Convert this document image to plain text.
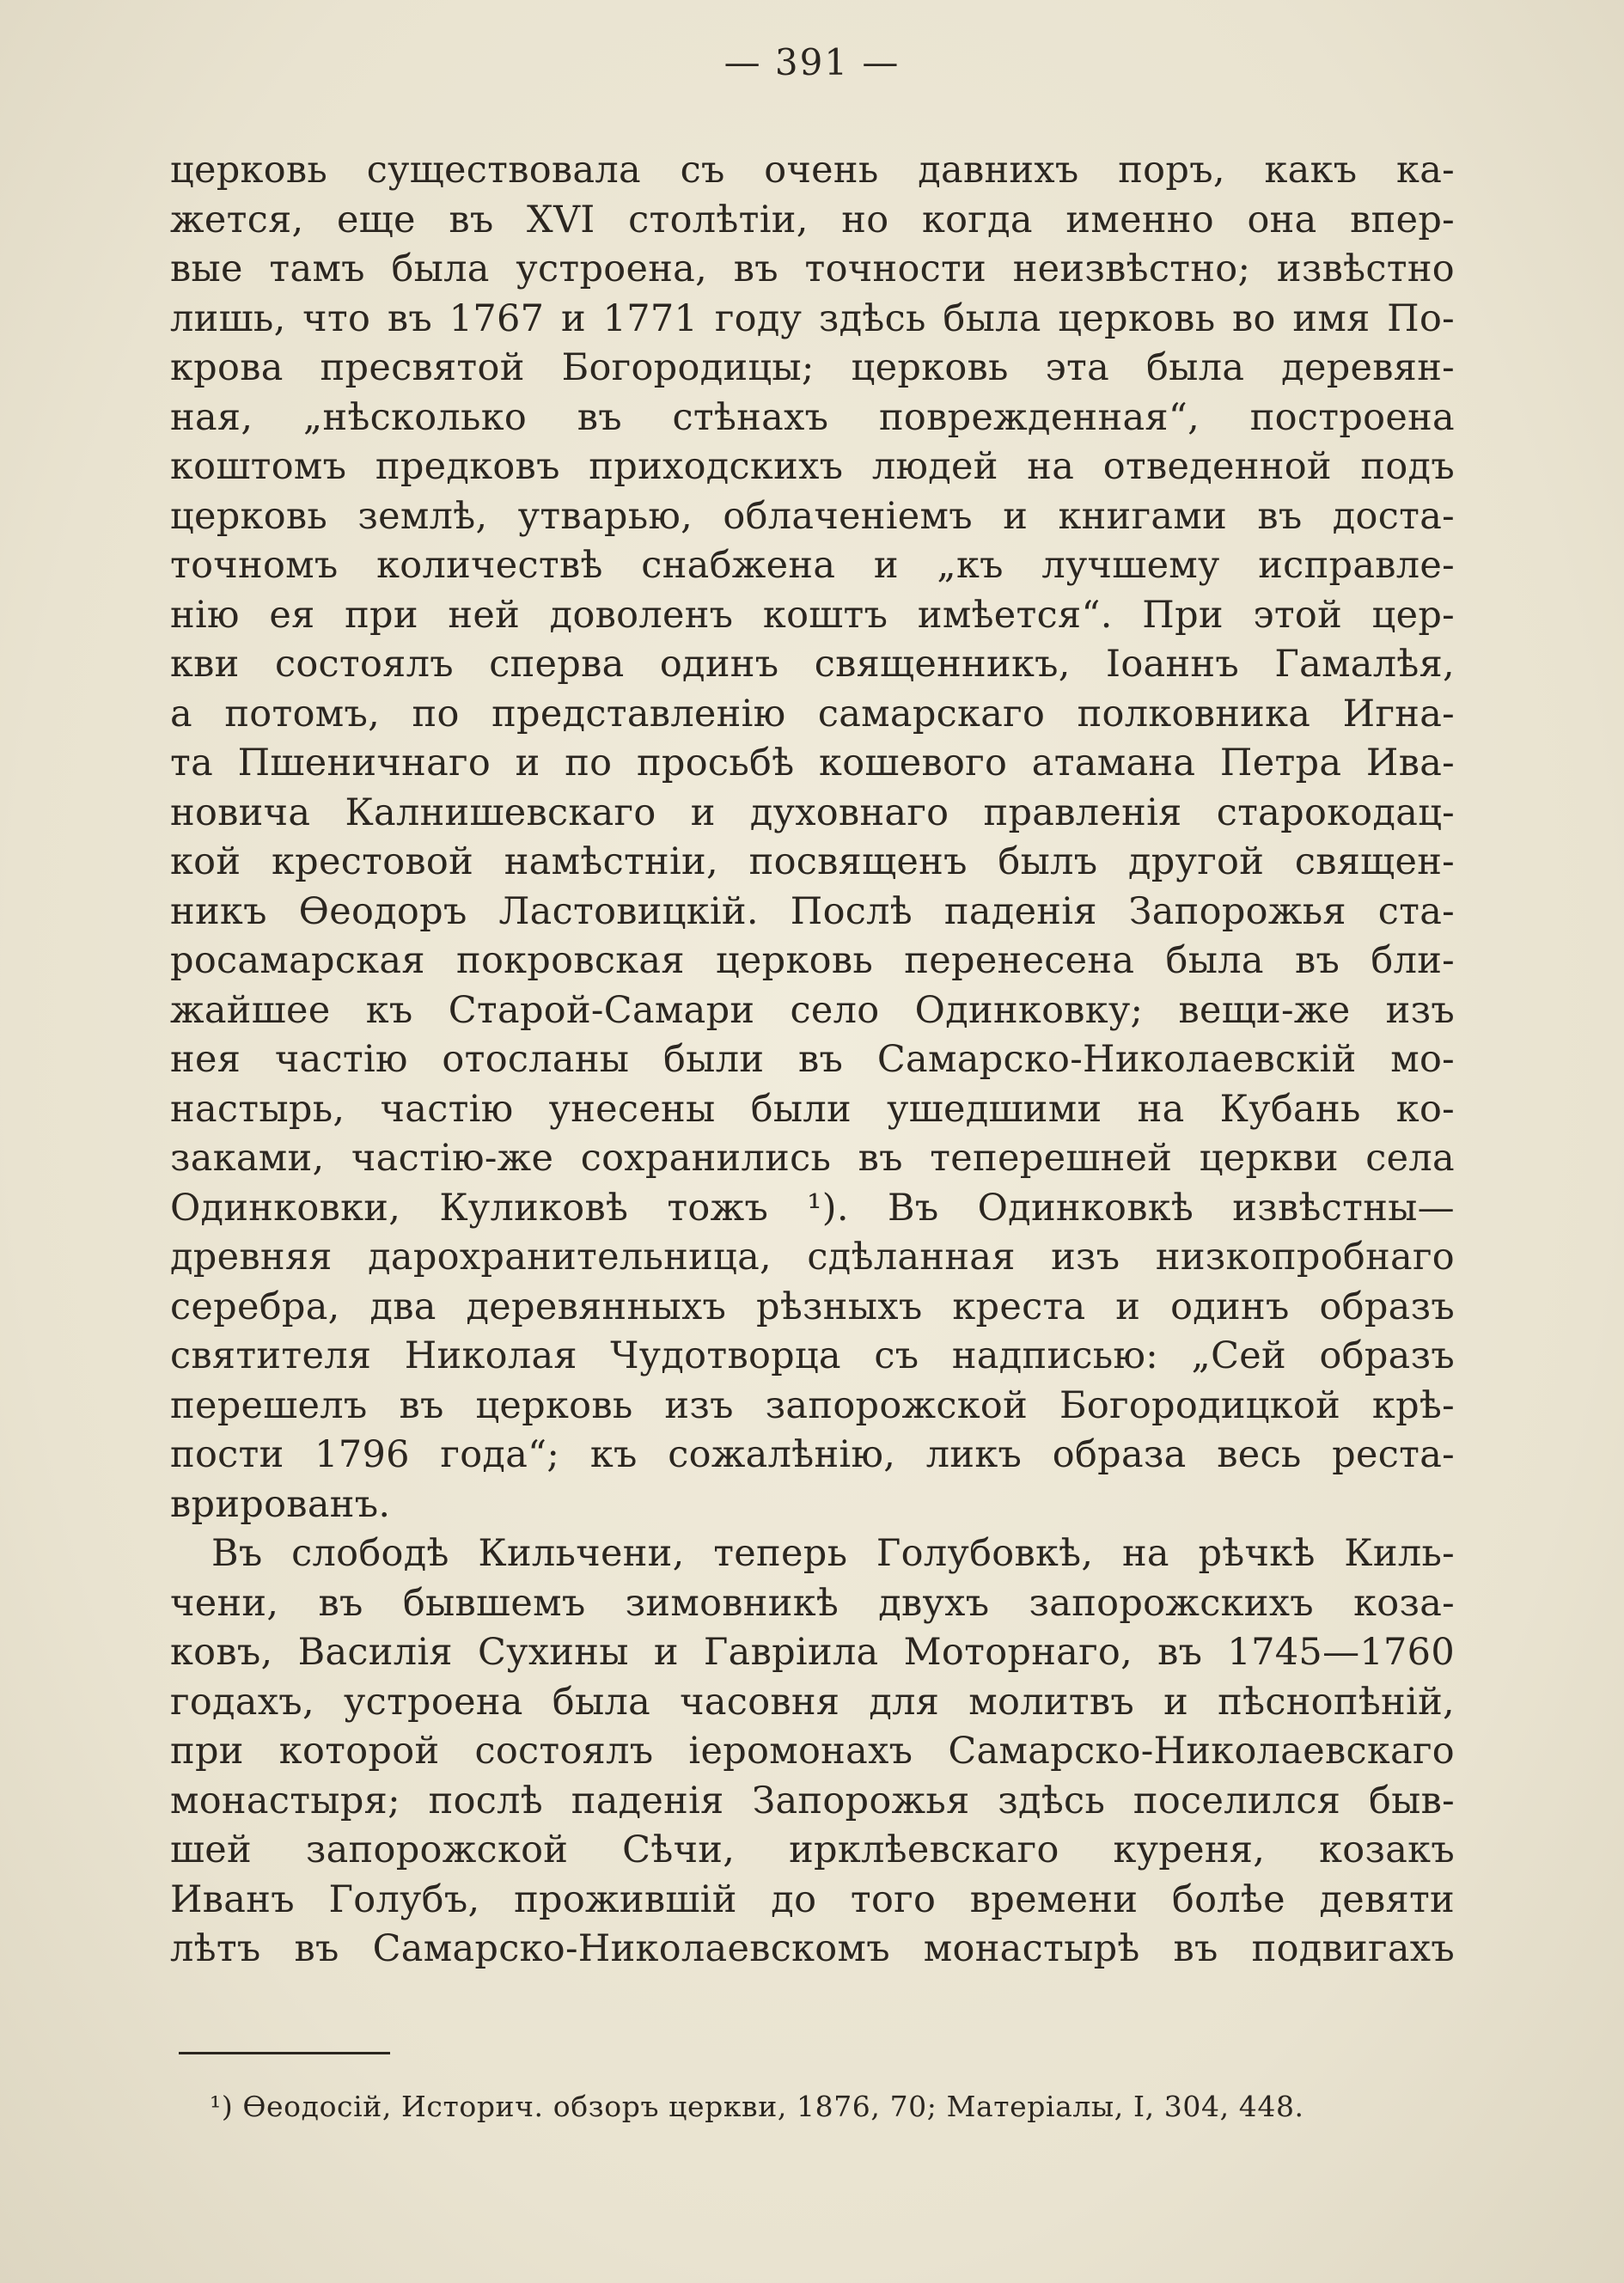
— 391 —
церковь существовала съ очень давнихъ поръ, какъ ка-
жется, еще въ XVI столѣтіи, но когда именно она впер-
вые тамъ была устроена, въ точности неизвѣстно; извѣстно
лишь, что въ 1767 и 1771 году здѣсь была церковь во имя По-
крова пресвятой Богородицы; церковь эта была деревян-
ная, „нѣсколько въ стѣнахъ поврежденная“, построена
коштомъ предковъ приходскихъ людей на отведенной подъ
церковь землѣ, утварью, облаченіемъ и книгами въ доста-
точномъ количествѣ снабжена и „къ лучшему исправле-
нію ея при ней доволенъ коштъ имѣется“. При этой цер-
кви состоялъ сперва одинъ священникъ, Іоаннъ Гамалѣя,
а потомъ, по представленію самарскаго полковника Игна-
та Пшеничнаго и по просьбѣ кошевого атамана Петра Ива-
новича Калнишевскаго и духовнаго правленія старокодац-
кой крестовой намѣстніи, посвященъ былъ другой священ-
никъ Ѳеодоръ Ластовицкій. Послѣ паденія Запорожья ста-
росамарская покровская церковь перенесена была въ бли-
жайшее къ Старой-Самари село Одинковку; вещи-же изъ
нея частію отосланы были въ Самарско-Николаевскій мо-
настырь, частію унесены были ушедшими на Кубань ко-
заками, частію-же сохранились въ теперешней церкви села
Одинковки, Куликовѣ тожъ ¹). Въ Одинковкѣ извѣстны—
древняя дарохранительница, сдѣланная изъ низкопробнаго
серебра, два деревянныхъ рѣзныхъ креста и одинъ образъ
святителя Николая Чудотворца съ надписью: „Сей образъ
перешелъ въ церковь изъ запорожской Богородицкой крѣ-
пости 1796 года“; къ сожалѣнію, ликъ образа весь реста-
врированъ.
Въ слободѣ Кильчени, теперь Голубовкѣ, на рѣчкѣ Киль-
чени, въ бывшемъ зимовникѣ двухъ запорожскихъ коза-
ковъ, Василія Сухины и Гавріила Моторнаго, въ 1745—1760
годахъ, устроена была часовня для молитвъ и пѣснопѣній,
при которой состоялъ іеромонахъ Самарско-Николаевскаго
монастыря; послѣ паденія Запорожья здѣсь поселился быв-
шей запорожской Сѣчи, ирклѣевскаго куреня, козакъ
Иванъ Голубъ, прожившій до того времени болѣе девяти
лѣтъ въ Самарско-Николаевскомъ монастырѣ въ подвигахъ
¹) Ѳеодосій, Историч. обзоръ церкви, 1876, 70; Матеріалы, I, 304, 448.
